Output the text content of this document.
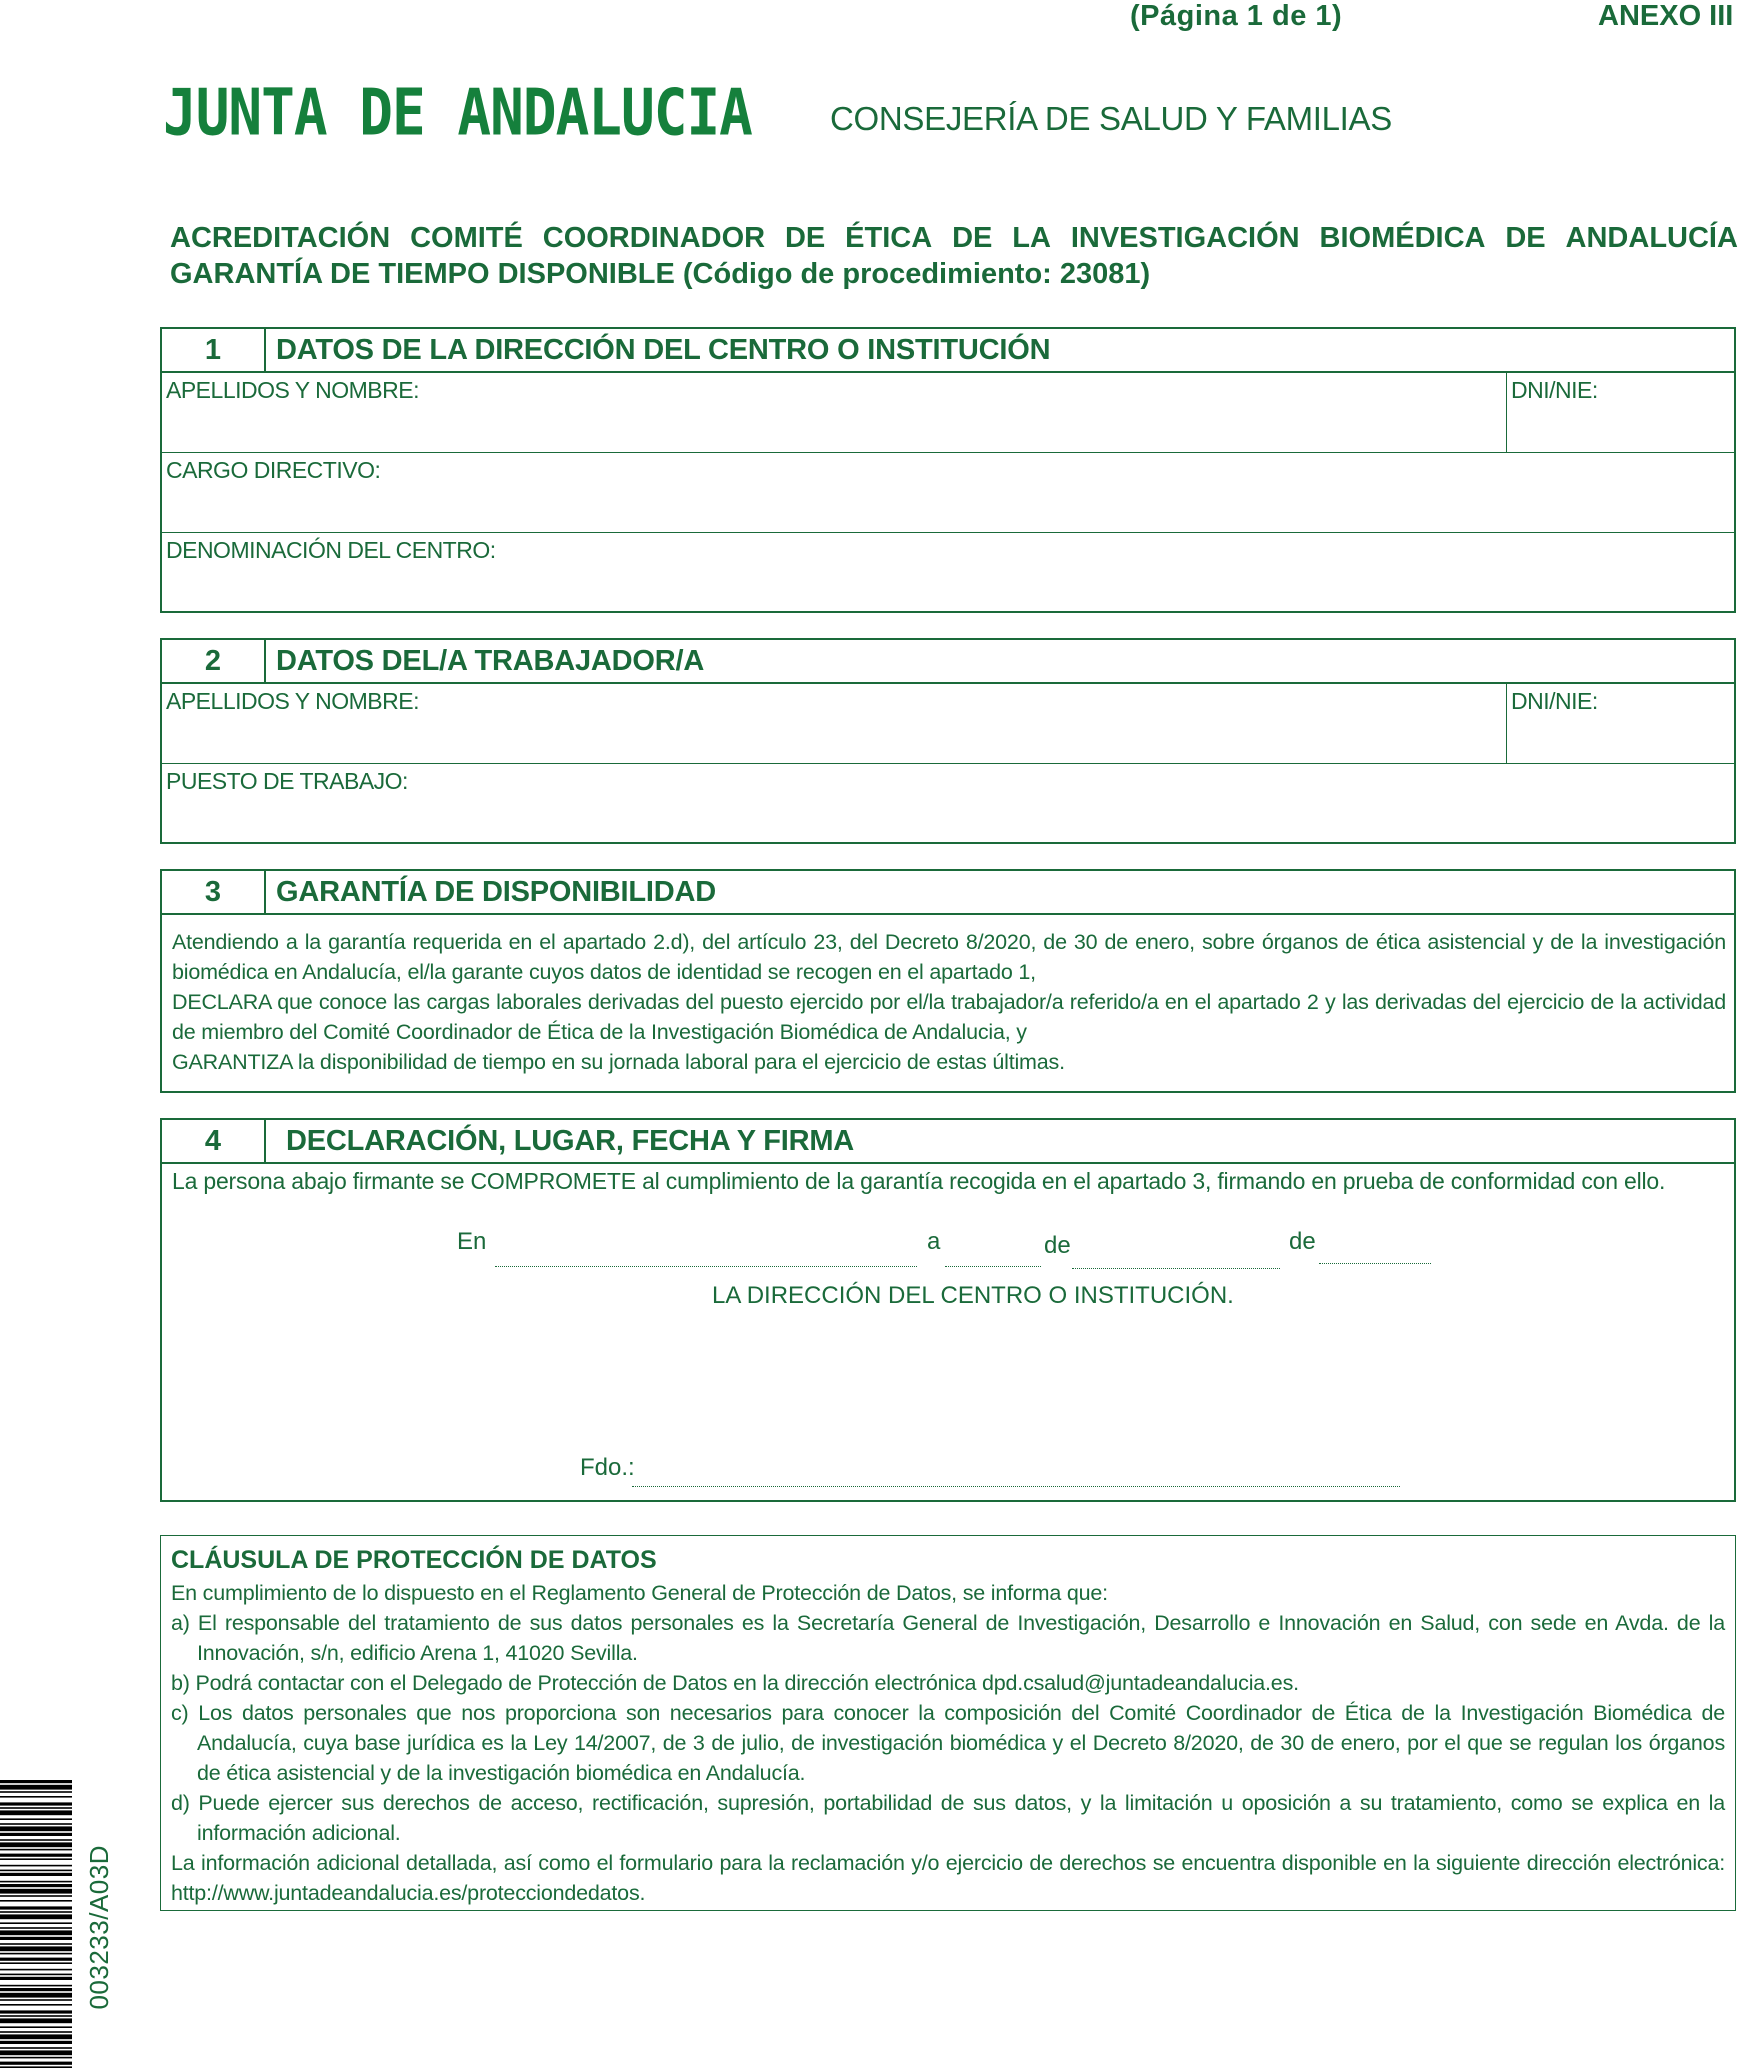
(Página 1 de 1)	ANEXO III
JUNTA DE ANDALUCIA CONSEJERÍA DE SALUD Y FAMILIAS
ACREDITACIÓN COMITÉ COORDINADOR DE ÉTICA DE LA INVESTIGACIÓN BIOMÉDICA DE ANDALUCÍA
GARANTÍA DE TIEMPO DISPONIBLE (Código de procedimiento: 23081)
1	DATOS DE LA DIRECCIÓN DEL CENTRO O INSTITUCIÓN
APELLIDOS Y NOMBRE:	DNI/NIE:
CARGO DIRECTIVO:
DENOMINACIÓN DEL CENTRO:
2	DATOS DEL/A TRABAJADOR/A
APELLIDOS Y NOMBRE:	DNI/NIE:
PUESTO DE TRABAJO:
3	GARANTÍA DE DISPONIBILIDAD
Atendiendo a la garantía requerida en el apartado 2.d), del artículo 23, del Decreto 8/2020, de 30 de enero, sobre órganos de ética asistencial y de la investigación biomédica en Andalucía, el/la garante cuyos datos de identidad se recogen en el apartado 1,
DECLARA que conoce las cargas laborales derivadas del puesto ejercido por el/la trabajador/a referido/a en el apartado 2 y las derivadas del ejercicio de la actividad de miembro del Comité Coordinador de Ética de la Investigación Biomédica de Andalucia, y
GARANTIZA la disponibilidad de tiempo en su jornada laboral para el ejercicio de estas últimas.
4	DECLARACIÓN, LUGAR, FECHA Y FIRMA
La persona abajo firmante se COMPROMETE al cumplimiento de la garantía recogida en el apartado 3, firmando en prueba de conformidad con ello.
En	a	de	de
LA DIRECCIÓN DEL CENTRO O INSTITUCIÓN.
Fdo.:
CLÁUSULA DE PROTECCIÓN DE DATOS
En cumplimiento de lo dispuesto en el Reglamento General de Protección de Datos, se informa que:
a) El responsable del tratamiento de sus datos personales es la Secretaría General de Investigación, Desarrollo e Innovación en Salud, con sede en Avda. de la Innovación, s/n, edificio Arena 1, 41020 Sevilla.
b) Podrá contactar con el Delegado de Protección de Datos en la dirección electrónica dpd.csalud@juntadeandalucia.es.
c) Los datos personales que nos proporciona son necesarios para conocer la composición del Comité Coordinador de Ética de la Investigación Biomédica de Andalucía, cuya base jurídica es la Ley 14/2007, de 3 de julio, de investigación biomédica y el Decreto 8/2020, de 30 de enero, por el que se regulan los órganos de ética asistencial y de la investigación biomédica en Andalucía.
d) Puede ejercer sus derechos de acceso, rectificación, supresión, portabilidad de sus datos, y la limitación u oposición a su tratamiento, como se explica en la información adicional.
La información adicional detallada, así como el formulario para la reclamación y/o ejercicio de derechos se encuentra disponible en la siguiente dirección electrónica: http://www.juntadeandalucia.es/protecciondedatos.
003233/A03D
